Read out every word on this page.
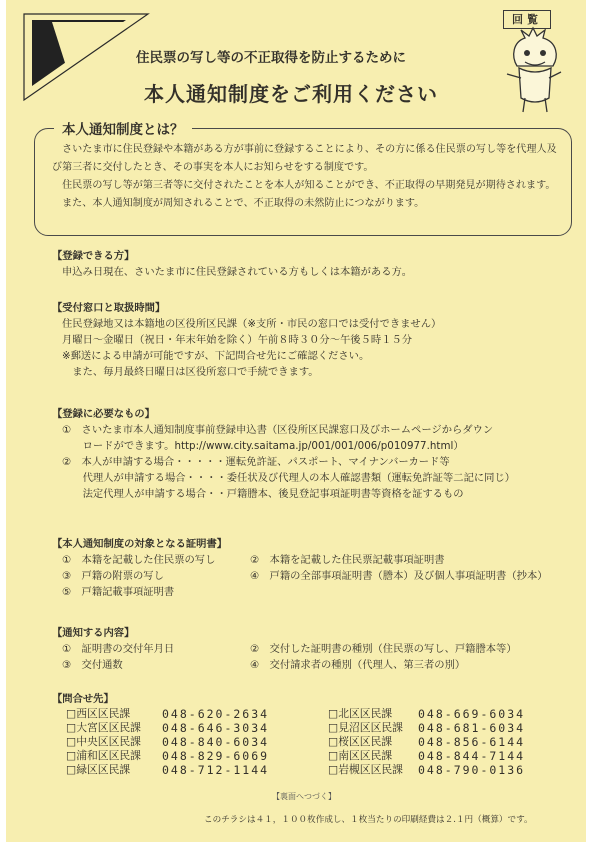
回覧
住民票の写し等の不正取得を防止するために
本人通知制度をご利用ください
本人通知制度とは？

　さいたま市に住民登録や本籍がある方が事前に登録することにより、その方に係る住民票の写し等を代理人及び第三者に交付したとき、その事実を本人にお知らせをする制度です。

　住民票の写し等が第三者等に交付されたことを本人が知ることができ、不正取得の早期発見が期待されます。

　また、本人通知制度が周知されることで、不正取得の未然防止につながります。

【登録できる方】
申込み日現在、さいたま市に住民登録されている方もしくは本籍がある方。
【受付窓口と取扱時間】
住民登録地又は本籍地の区役所区民課（※支所・市民の窓口では受付できません）
月曜日〜金曜日（祝日・年末年始を除く）午前８時３０分〜午後５時１５分
※郵送による申請が可能ですが、下記問合せ先にご確認ください。
　また、毎月最終日曜日は区役所窓口で手続できます。
【登録に必要なもの】
①　さいたま市本人通知制度事前登録申込書（区役所区民課窓口及びホームページからダウン
　　ロードができます。http://www.city.saitama.jp/001/001/006/p010977.html）
②　本人が申請する場合・・・・・運転免許証、パスポート、マイナンバーカード等
　　代理人が申請する場合・・・・委任状及び代理人の本人確認書類（運転免許証等二記に同じ）
　　法定代理人が申請する場合・・戸籍謄本、後見登記事項証明書等資格を証するもの
【本人通知制度の対象となる証明書】
①　本籍を記載した住民票の写し	②　本籍を記載した住民票記載事項証明書
③　戸籍の附票の写し	④　戸籍の全部事項証明書（謄本）及び個人事項証明書（抄本）
⑤　戸籍記載事項証明書
【通知する内容】
①　証明書の交付年月日	②　交付した証明書の種別（住民票の写し、戸籍謄本等）
③　交付通数	④　交付請求者の種別（代理人、第三者の別）
【問合せ先】
□西区区民課	048-620-2634	□北区区民課	048-669-6034
□大宮区区民課	048-646-3034	□見沼区区民課	048-681-6034
□中央区区民課	048-840-6034	□桜区区民課	048-856-6144
□浦和区区民課	048-829-6069	□南区区民課	048-844-7144
□緑区区民課	048-712-1144	□岩槻区区民課	048-790-0136
【裏面へつづく】
このチラシは４１，１００枚作成し、１枚当たりの印刷経費は２.１円（概算）です。
